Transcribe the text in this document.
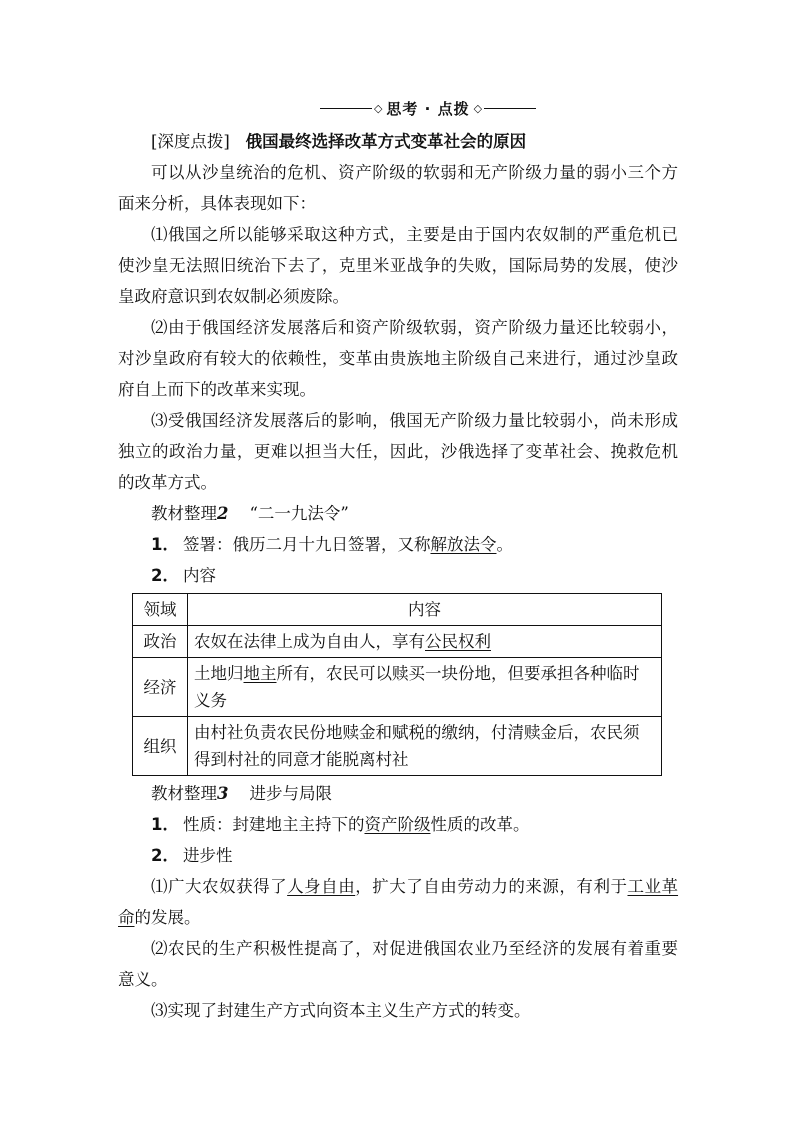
◇ 思考 · 点拨 ◇
[深度点拨] 俄国最终选择改革方式变革社会的原因
可以从沙皇统治的危机、资产阶级的软弱和无产阶级力量的弱小三个方面来分析，具体表现如下：
⑴俄国之所以能够采取这种方式，主要是由于国内农奴制的严重危机已使沙皇无法照旧统治下去了，克里米亚战争的失败，国际局势的发展，使沙皇政府意识到农奴制必须废除。
⑵由于俄国经济发展落后和资产阶级软弱，资产阶级力量还比较弱小，对沙皇政府有较大的依赖性，变革由贵族地主阶级自己来进行，通过沙皇政府自上而下的改革来实现。
⑶受俄国经济发展落后的影响，俄国无产阶级力量比较弱小，尚未形成独立的政治力量，更难以担当大任，因此，沙俄选择了变革社会、挽救危机的改革方式。
教材整理2 “二一九法令”
1． 签署：俄历二月十九日签署，又称解放法令。
2． 内容
领域	内容
政治	农奴在法律上成为自由人，享有公民权利
经济	土地归地主所有，农民可以赎买一块份地，但要承担各种临时义务
组织	由村社负责农民份地赎金和赋税的缴纳，付清赎金后，农民须得到村社的同意才能脱离村社
教材整理3 进步与局限
1． 性质：封建地主主持下的资产阶级性质的改革。
2． 进步性
⑴广大农奴获得了人身自由，扩大了自由劳动力的来源，有利于工业革命的发展。
⑵农民的生产积极性提高了，对促进俄国农业乃至经济的发展有着重要意义。
⑶实现了封建生产方式向资本主义生产方式的转变。
